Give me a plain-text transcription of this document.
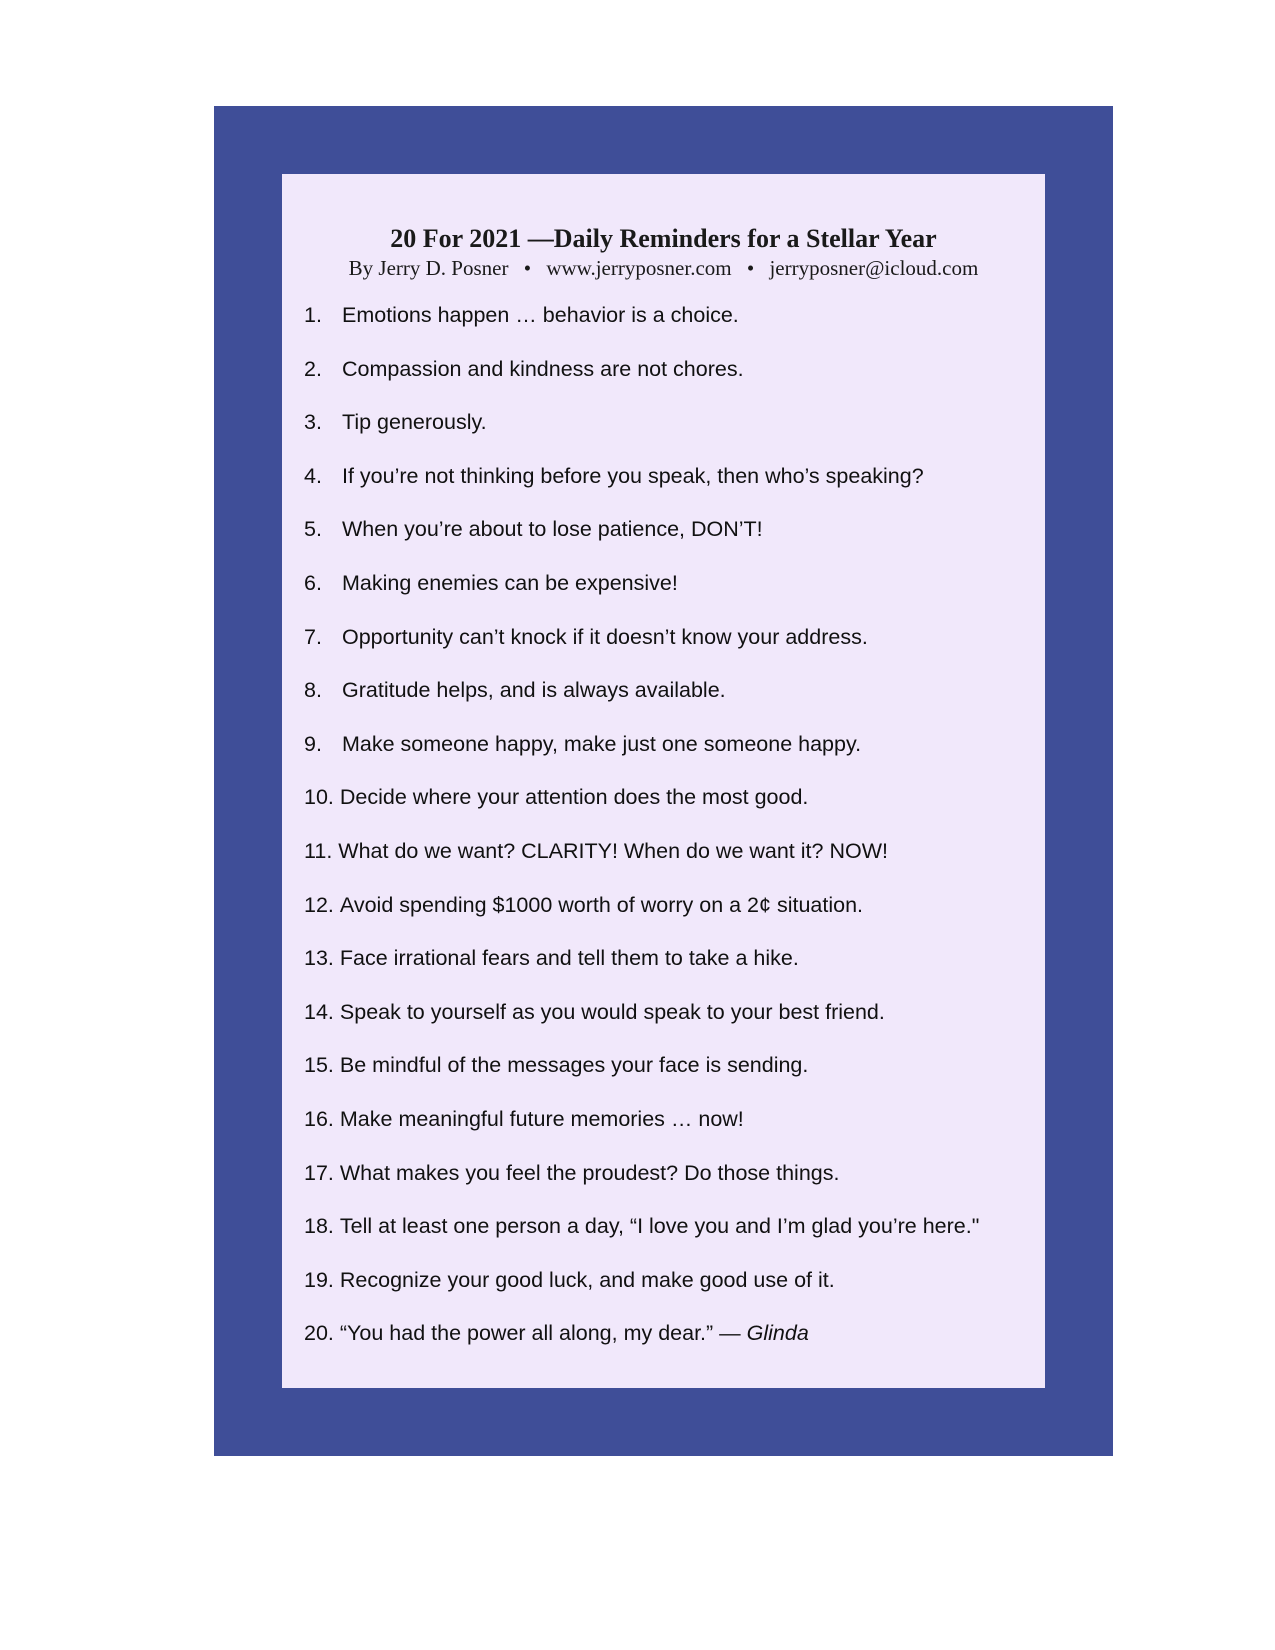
20 For 2021 —Daily Reminders for a Stellar Year

By Jerry D. Posner • www.jerryposner.com • jerryposner@icloud.com

1. Emotions happen … behavior is a choice.
2. Compassion and kindness are not chores.
3. Tip generously.
4. If you’re not thinking before you speak, then who’s speaking?
5. When you’re about to lose patience, DON’T!
6. Making enemies can be expensive!
7. Opportunity can’t knock if it doesn’t know your address.
8. Gratitude helps, and is always available.
9. Make someone happy, make just one someone happy.
10. Decide where your attention does the most good.
11. What do we want? CLARITY! When do we want it? NOW!
12. Avoid spending $1000 worth of worry on a 2¢ situation.
13. Face irrational fears and tell them to take a hike.
14. Speak to yourself as you would speak to your best friend.
15. Be mindful of the messages your face is sending.
16. Make meaningful future memories … now!
17. What makes you feel the proudest? Do those things.
18. Tell at least one person a day, “I love you and I’m glad you’re here."
19. Recognize your good luck, and make good use of it.
20. “You had the power all along, my dear.” — Glinda
